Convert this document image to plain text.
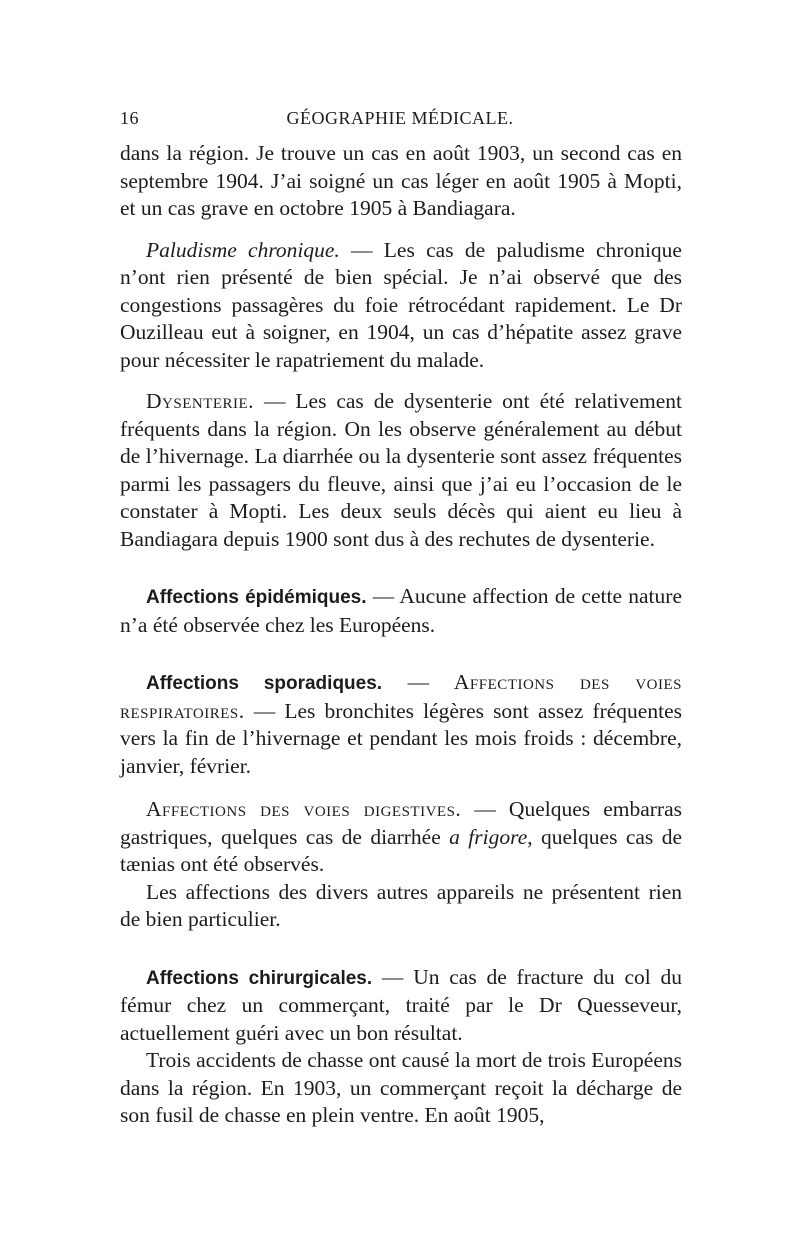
16	GÉOGRAPHIE MÉDICALE.

dans la région. Je trouve un cas en août 1903, un second cas en septembre 1904. J’ai soigné un cas léger en août 1905 à Mopti, et un cas grave en octobre 1905 à Bandiagara.

Paludisme chronique. — Les cas de paludisme chronique n’ont rien présenté de bien spécial. Je n’ai observé que des congestions passagères du foie rétrocédant rapidement. Le Dr Ouzilleau eut à soigner, en 1904, un cas d’hépatite assez grave pour nécessiter le rapatriement du malade.

Dysenterie. — Les cas de dysenterie ont été relativement fréquents dans la région. On les observe généralement au début de l’hivernage. La diarrhée ou la dysenterie sont assez fréquentes parmi les passagers du fleuve, ainsi que j’ai eu l’occasion de le constater à Mopti. Les deux seuls décès qui aient eu lieu à Bandiagara depuis 1900 sont dus à des rechutes de dysenterie.

Affections épidémiques. — Aucune affection de cette nature n’a été observée chez les Européens.

Affections sporadiques. — Affections des voies respiratoires. — Les bronchites légères sont assez fréquentes vers la fin de l’hivernage et pendant les mois froids : décembre, janvier, février.

Affections des voies digestives. — Quelques embarras gastriques, quelques cas de diarrhée a frigore, quelques cas de tænias ont été observés.

Les affections des divers autres appareils ne présentent rien de bien particulier.

Affections chirurgicales. — Un cas de fracture du col du fémur chez un commerçant, traité par le Dr Quesseveur, actuellement guéri avec un bon résultat.

Trois accidents de chasse ont causé la mort de trois Européens dans la région. En 1903, un commerçant reçoit la décharge de son fusil de chasse en plein ventre. En août 1905,
